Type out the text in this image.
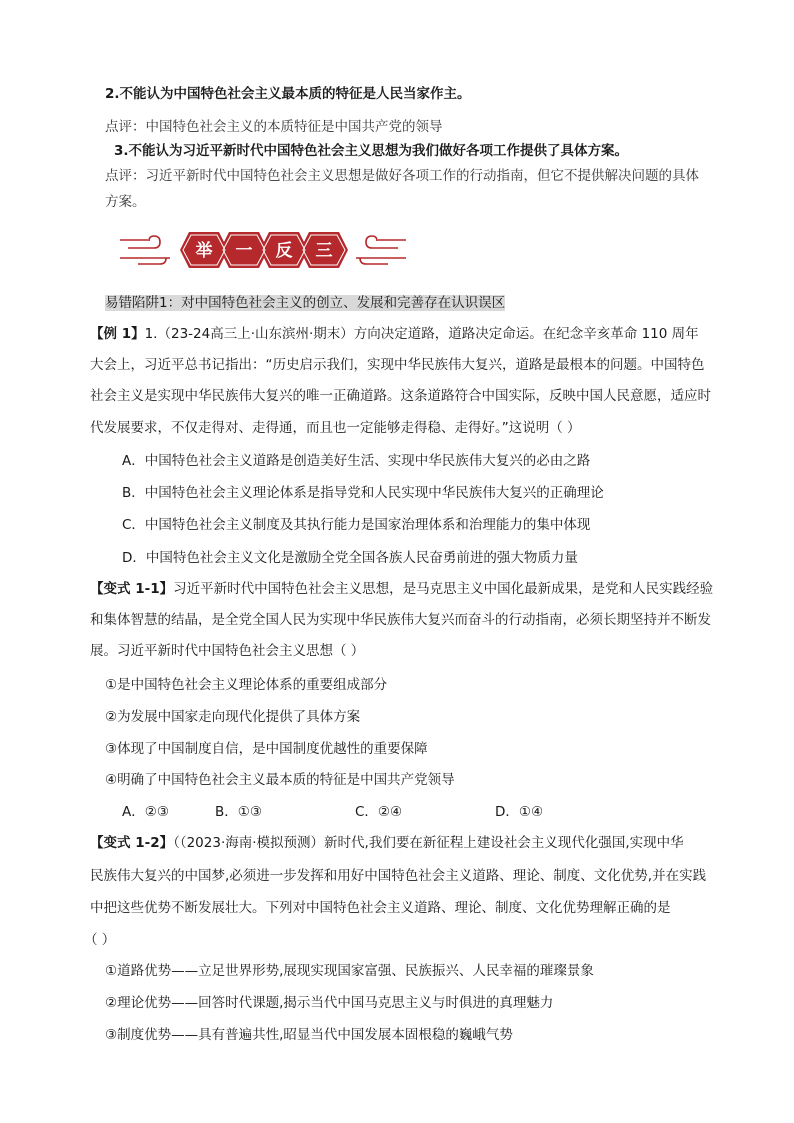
2.不能认为中国特色社会主义最本质的特征是人民当家作主。
点评：中国特色社会主义的本质特征是中国共产党的领导
3.不能认为习近平新时代中国特色社会主义思想为我们做好各项工作提供了具体方案。
点评：习近平新时代中国特色社会主义思想是做好各项工作的行动指南，但它不提供解决问题的具体
方案。
举 一 反 三
易错陷阱1：对中国特色社会主义的创立、发展和完善存在认识误区
【例 1】1.（23-24高三上·山东滨州·期末）方向决定道路，道路决定命运。在纪念辛亥革命 110 周年
大会上，习近平总书记指出：“历史启示我们，实现中华民族伟大复兴，道路是最根本的问题。中国特色
社会主义是实现中华民族伟大复兴的唯一正确道路。这条道路符合中国实际，反映中国人民意愿，适应时
代发展要求，不仅走得对、走得通，而且也一定能够走得稳、走得好。”这说明（ ）
A．中国特色社会主义道路是创造美好生活、实现中华民族伟大复兴的必由之路
B．中国特色社会主义理论体系是指导党和人民实现中华民族伟大复兴的正确理论
C．中国特色社会主义制度及其执行能力是国家治理体系和治理能力的集中体现
D．中国特色社会主义文化是激励全党全国各族人民奋勇前进的强大物质力量
【变式 1-1】习近平新时代中国特色社会主义思想，是马克思主义中国化最新成果，是党和人民实践经验
和集体智慧的结晶，是全党全国人民为实现中华民族伟大复兴而奋斗的行动指南，必须长期坚持并不断发
展。习近平新时代中国特色社会主义思想（ ）
①是中国特色社会主义理论体系的重要组成部分
②为发展中国家走向现代化提供了具体方案
③体现了中国制度自信，是中国制度优越性的重要保障
④明确了中国特色社会主义最本质的特征是中国共产党领导
A．②③	B．①③	C．②④	D．①④
【变式 1-2】（（2023·海南·模拟预测）新时代,我们要在新征程上建设社会主义现代化强国,实现中华
民族伟大复兴的中国梦,必须进一步发挥和用好中国特色社会主义道路、理论、制度、文化优势,并在实践
中把这些优势不断发展壮大。下列对中国特色社会主义道路、理论、制度、文化优势理解正确的是
（ ）
①道路优势——立足世界形势,展现实现国家富强、民族振兴、人民幸福的璀璨景象
②理论优势——回答时代课题,揭示当代中国马克思主义与时俱进的真理魅力
③制度优势——具有普遍共性,昭显当代中国发展本固根稳的巍峨气势
